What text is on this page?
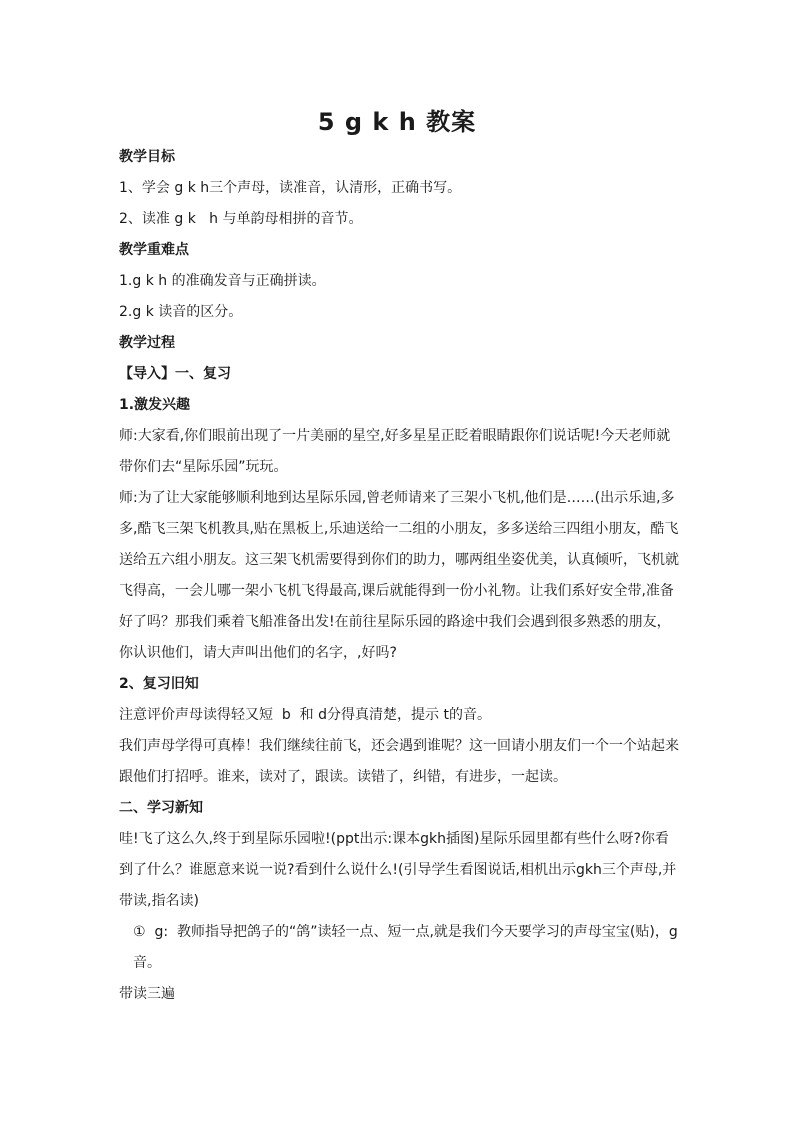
5 g k h 教案

教学目标

1、学会 g k h三个声母，读准音，认清形，正确书写。

2、读准 g k   h 与单韵母相拼的音节。

教学重难点

1.g k h 的准确发音与正确拼读。

2.g k 读音的区分。

教学过程

【导入】一、复习

1.激发兴趣

师:大家看,你们眼前出现了一片美丽的星空,好多星星正眨着眼睛跟你们说话呢!今天老师就带你们去“星际乐园”玩玩。

师:为了让大家能够顺利地到达星际乐园,曾老师请来了三架小飞机,他们是……(出示乐迪,多多,酷飞三架飞机教具,贴在黑板上,乐迪送给一二组的小朋友，多多送给三四组小朋友，酷飞送给五六组小朋友。这三架飞机需要得到你们的助力，哪两组坐姿优美，认真倾听，飞机就飞得高，一会儿哪一架小飞机飞得最高,课后就能得到一份小礼物。让我们系好安全带,准备好了吗？那我们乘着飞船准备出发!在前往星际乐园的路途中我们会遇到很多熟悉的朋友，你认识他们，请大声叫出他们的名字，,好吗?

2、复习旧知

注意评价声母读得轻又短  b  和 d分得真清楚，提示 t的音。

我们声母学得可真棒！我们继续往前飞，还会遇到谁呢？这一回请小朋友们一个一个站起来跟他们打招呼。谁来，读对了，跟读。读错了，纠错，有进步，一起读。

二、学习新知

哇!飞了这么久,终于到星际乐园啦!(ppt出示:课本gkh插图)星际乐园里都有些什么呀?你看到了什么？谁愿意来说一说?看到什么说什么!(引导学生看图说话,相机出示gkh三个声母,并带读,指名读)

①  g:  教师指导把鸽子的“鸽”读轻一点、短一点,就是我们今天要学习的声母宝宝(贴)，g音。

带读三遍
